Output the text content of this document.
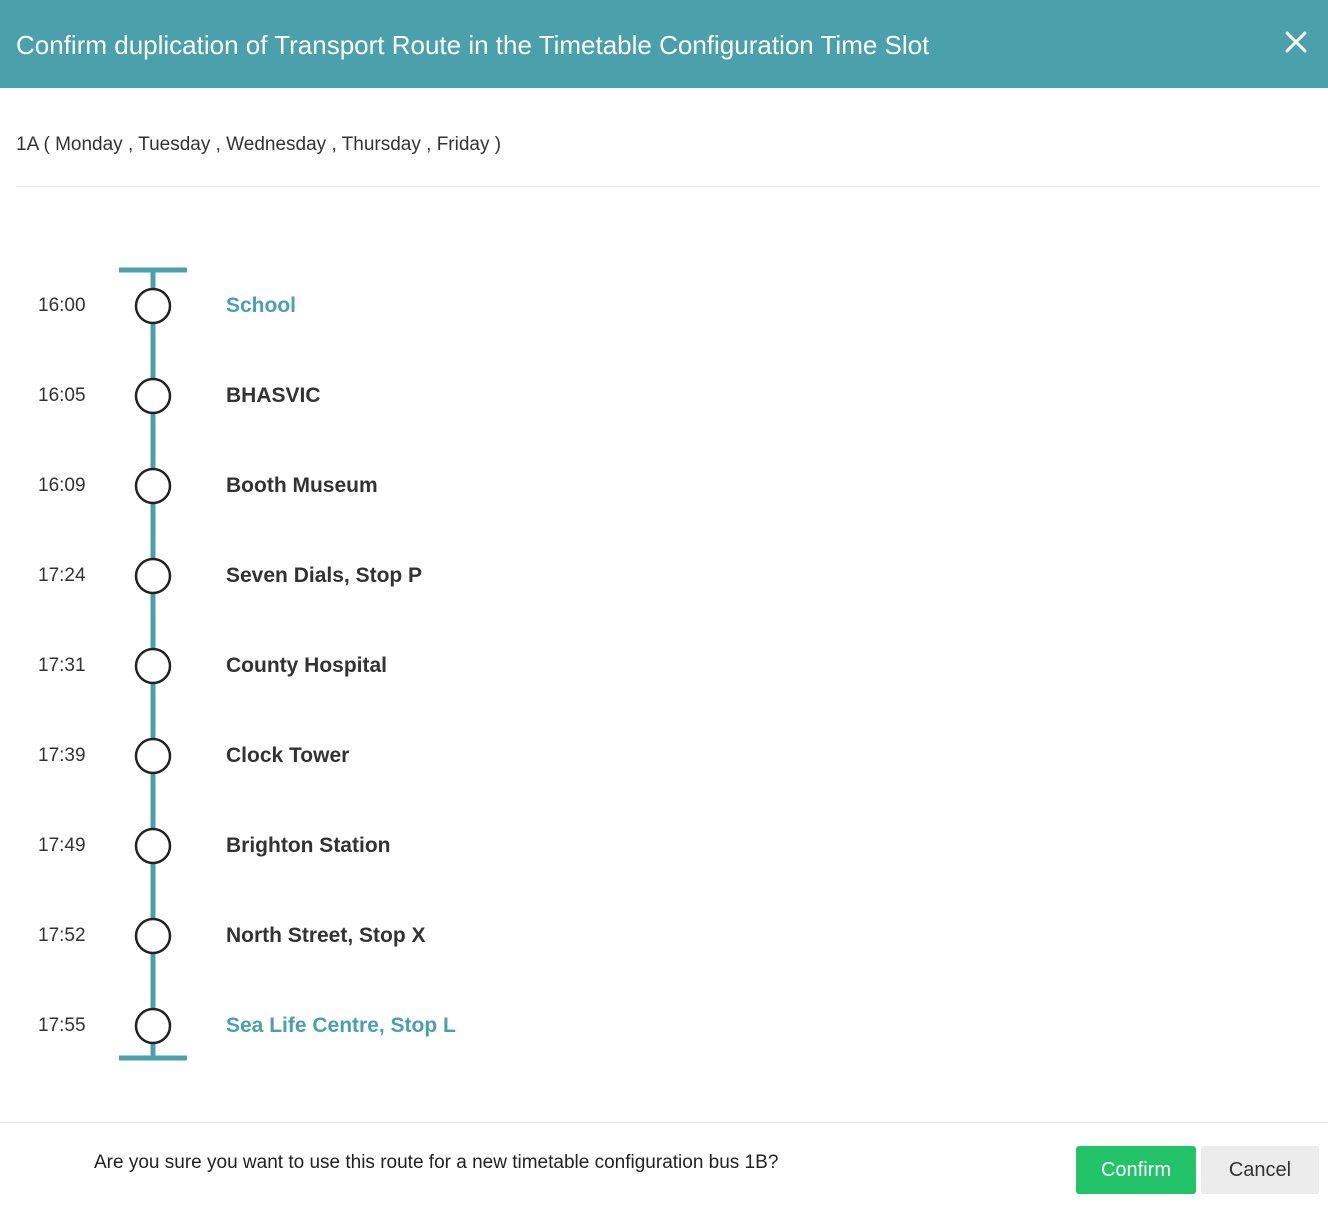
Confirm duplication of Transport Route in the Timetable Configuration Time Slot
1A ( Monday , Tuesday , Wednesday , Thursday , Friday )
16:00	School
16:05	BHASVIC
16:09	Booth Museum
17:24	Seven Dials, Stop P
17:31	County Hospital
17:39	Clock Tower
17:49	Brighton Station
17:52	North Street, Stop X
17:55	Sea Life Centre, Stop L
Are you sure you want to use this route for a new timetable configuration bus 1B?	Confirm	Cancel
